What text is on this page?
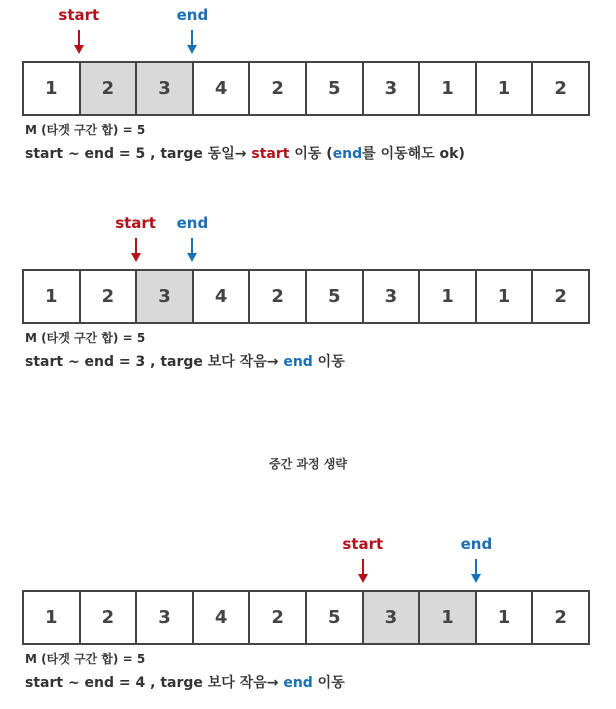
start	end
1	2	3	4	2	5	3	1	1	2
M (타겟 구간 합) = 5
start ~ end = 5 , targe 동일→ start 이동 (end를 이동해도 ok)
start	end
1	2	3	4	2	5	3	1	1	2
M (타겟 구간 합) = 5
start ~ end = 3 , targe 보다 작음→ end 이동
중간 과정 생략
start	end
1	2	3	4	2	5	3	1	1	2
M (타겟 구간 합) = 5
start ~ end = 4 , targe 보다 작음→ end 이동
